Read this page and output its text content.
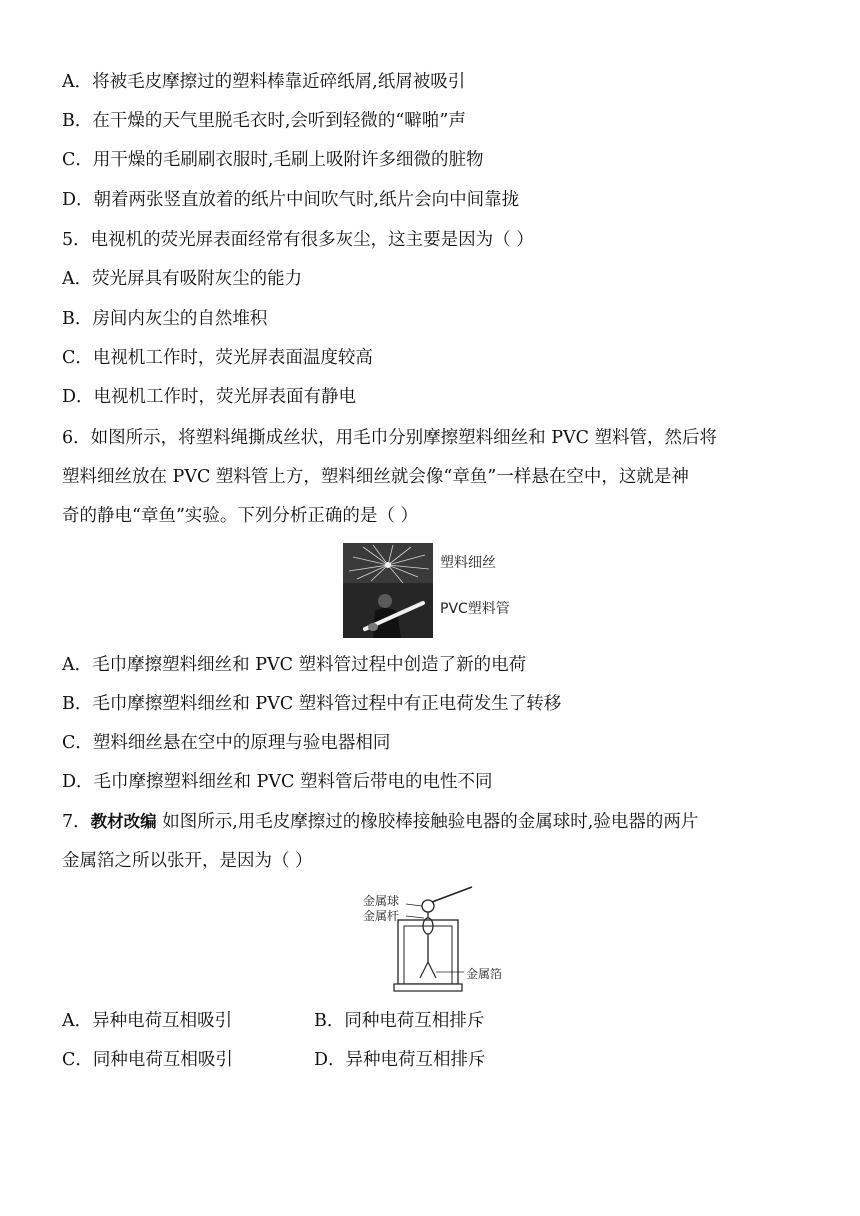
A．将被毛皮摩擦过的塑料棒靠近碎纸屑,纸屑被吸引
B．在干燥的天气里脱毛衣时,会听到轻微的“噼啪”声
C．用干燥的毛刷刷衣服时,毛刷上吸附许多细微的脏物
D．朝着两张竖直放着的纸片中间吹气时,纸片会向中间靠拢
5．电视机的荧光屏表面经常有很多灰尘，这主要是因为（ ）
A．荧光屏具有吸附灰尘的能力
B．房间内灰尘的自然堆积
C．电视机工作时，荧光屏表面温度较高
D．电视机工作时，荧光屏表面有静电
6．如图所示，将塑料绳撕成丝状，用毛巾分别摩擦塑料细丝和 PVC 塑料管，然后将
塑料细丝放在 PVC 塑料管上方，塑料细丝就会像“章鱼”一样悬在空中，这就是神
奇的静电“章鱼”实验。下列分析正确的是（ ）
塑料细丝
PVC塑料管
A．毛巾摩擦塑料细丝和 PVC 塑料管过程中创造了新的电荷
B．毛巾摩擦塑料细丝和 PVC 塑料管过程中有正电荷发生了转移
C．塑料细丝悬在空中的原理与验电器相同
D．毛巾摩擦塑料细丝和 PVC 塑料管后带电的电性不同
7．教材改编 如图所示,用毛皮摩擦过的橡胶棒接触验电器的金属球时,验电器的两片
金属箔之所以张开，是因为（ ）
金属球
金属杆
金属箔
A．异种电荷互相吸引	B．同种电荷互相排斥
C．同种电荷互相吸引	D．异种电荷互相排斥
